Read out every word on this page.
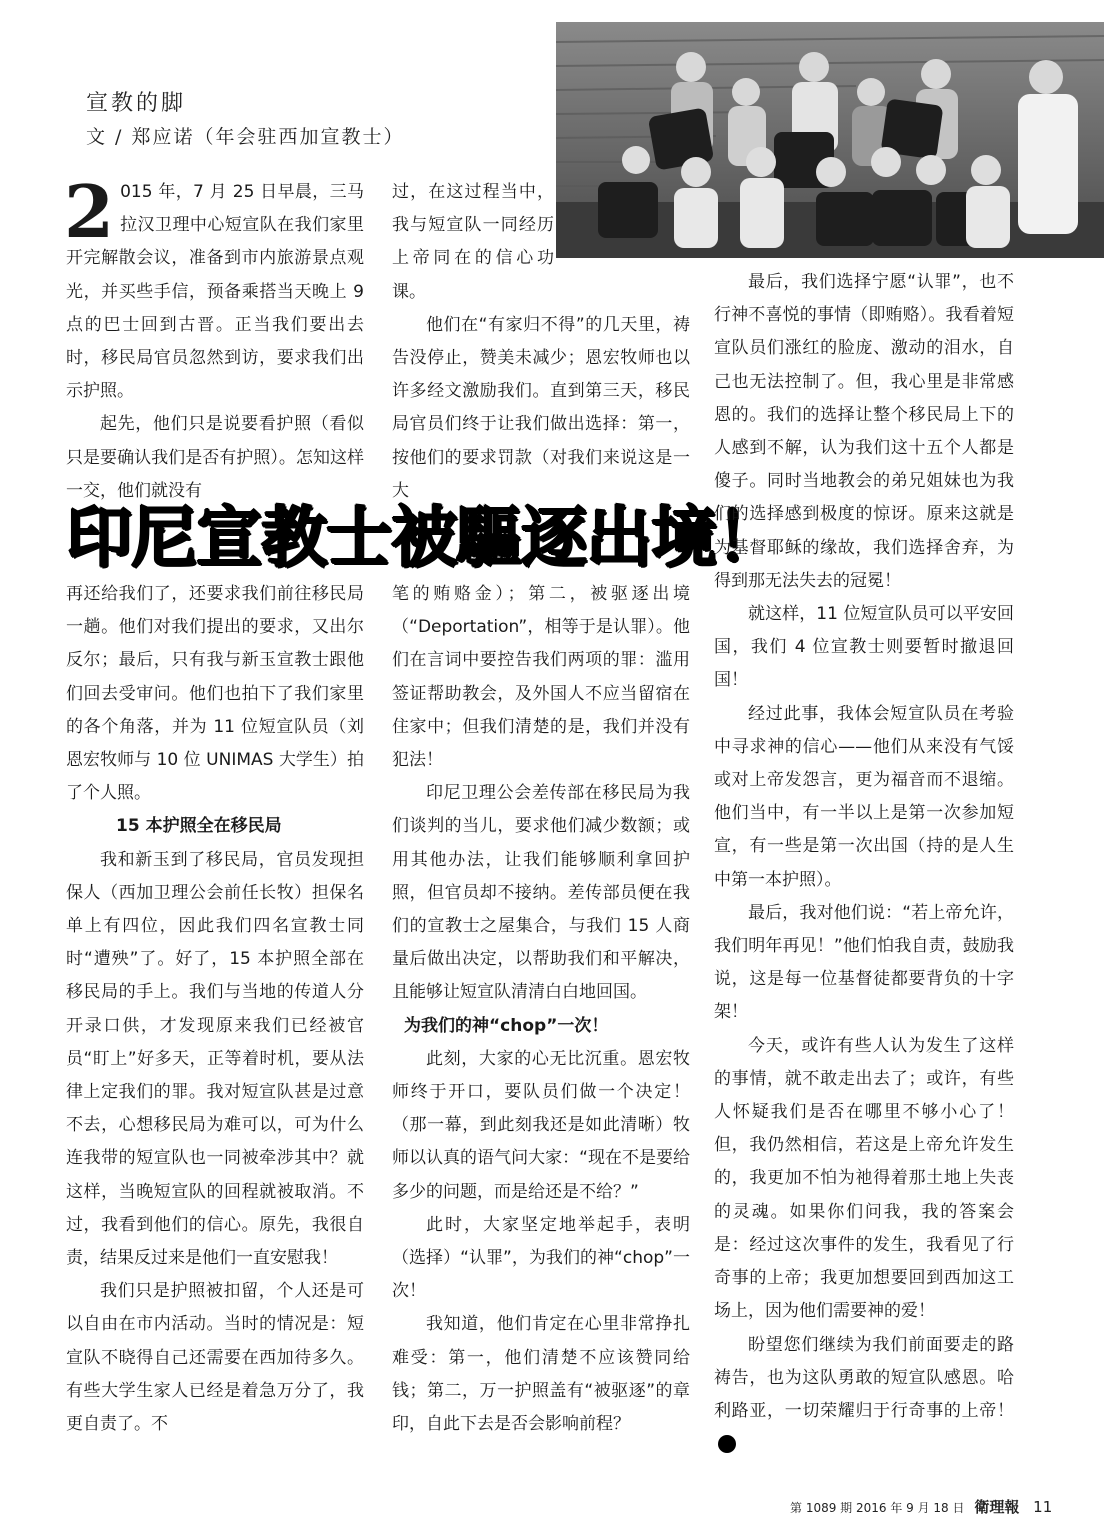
宣教的脚
文 / 郑应诺（年会驻西加宣教士）

2 015 年，7 月 25 日早晨，三马拉汉卫理中心短宣队在我们家里开完解散会议，准备到市内旅游景点观光，并买些手信，预备乘搭当天晚上 9 点的巴士回到古晋。正当我们要出去时，移民局官员忽然到访，要求我们出示护照。

起先，他们只是说要看护照（看似只是要确认我们是否有护照）。怎知这样一交，他们就没有

过，在这过程当中，我与短宣队一同经历上帝同在的信心功课。

他们在“有家归不得”的几天里，祷告没停止，赞美未减少；恩宏牧师也以许多经文激励我们。直到第三天，移民局官员们终于让我们做出选择：第一，按他们的要求罚款（对我们来说这是一大

印尼宣教士被驅逐出境！

再还给我们了，还要求我们前往移民局一趟。他们对我们提出的要求，又出尔反尔；最后，只有我与新玉宣教士跟他们回去受审问。他们也拍下了我们家里的各个角落，并为 11 位短宣队员（刘恩宏牧师与 10 位 UNIMAS 大学生）拍了个人照。

15 本护照全在移民局

我和新玉到了移民局，官员发现担保人（西加卫理公会前任长牧）担保名单上有四位，因此我们四名宣教士同时“遭殃”了。好了，15 本护照全部在移民局的手上。我们与当地的传道人分开录口供，才发现原来我们已经被官员“盯上”好多天，正等着时机，要从法律上定我们的罪。我对短宣队甚是过意不去，心想移民局为难可以，可为什么连我带的短宣队也一同被牵涉其中？就这样，当晚短宣队的回程就被取消。不过，我看到他们的信心。原先，我很自责，结果反过来是他们一直安慰我！

我们只是护照被扣留，个人还是可以自由在市内活动。当时的情况是：短宣队不晓得自己还需要在西加待多久。有些大学生家人已经是着急万分了，我更自责了。不

笔的贿赂金）；第二，被驱逐出境（“Deportation”，相等于是认罪）。他们在言词中要控告我们两项的罪：滥用签证帮助教会，及外国人不应当留宿在住家中；但我们清楚的是，我们并没有犯法！

印尼卫理公会差传部在移民局为我们谈判的当儿，要求他们减少数额；或用其他办法，让我们能够顺利拿回护照，但官员却不接纳。差传部员便在我们的宣教士之屋集合，与我们 15 人商量后做出决定，以帮助我们和平解决，且能够让短宣队清清白白地回国。

为我们的神“chop”一次！

此刻，大家的心无比沉重。恩宏牧师终于开口，要队员们做一个决定！（那一幕，到此刻我还是如此清晰）牧师以认真的语气问大家：“现在不是要给多少的问题，而是给还是不给？”

此时，大家坚定地举起手，表明（选择）“认罪”，为我们的神“chop”一次！

我知道，他们肯定在心里非常挣扎难受：第一，他们清楚不应该赞同给钱；第二，万一护照盖有“被驱逐”的章印，自此下去是否会影响前程？

最后，我们选择宁愿“认罪”，也不行神不喜悦的事情（即贿赂）。我看着短宣队员们涨红的脸庞、激动的泪水，自己也无法控制了。但，我心里是非常感恩的。我们的选择让整个移民局上下的人感到不解，认为我们这十五个人都是傻子。同时当地教会的弟兄姐妹也为我们的选择感到极度的惊讶。原来这就是为基督耶稣的缘故，我们选择舍弃，为得到那无法失去的冠冕！

就这样，11 位短宣队员可以平安回国，我们 4 位宣教士则要暂时撤退回国！

经过此事，我体会短宣队员在考验中寻求神的信心——他们从来没有气馁或对上帝发怨言，更为福音而不退缩。他们当中，有一半以上是第一次参加短宣，有一些是第一次出国（持的是人生中第一本护照）。

最后，我对他们说：“若上帝允许，我们明年再见！”他们怕我自责，鼓励我说，这是每一位基督徒都要背负的十字架！

今天，或许有些人认为发生了这样的事情，就不敢走出去了；或许，有些人怀疑我们是否在哪里不够小心了！但，我仍然相信，若这是上帝允许发生的，我更加不怕为祂得着那土地上失丧的灵魂。如果你们问我，我的答案会是：经过这次事件的发生，我看见了行奇事的上帝；我更加想要回到西加这工场上，因为他们需要神的爱！

盼望您们继续为我们前面要走的路祷告，也为这队勇敢的短宣队感恩。哈利路亚，一切荣耀归于行奇事的上帝！✝

第 1089 期 2016 年 9 月 18 日 衛理報 11
